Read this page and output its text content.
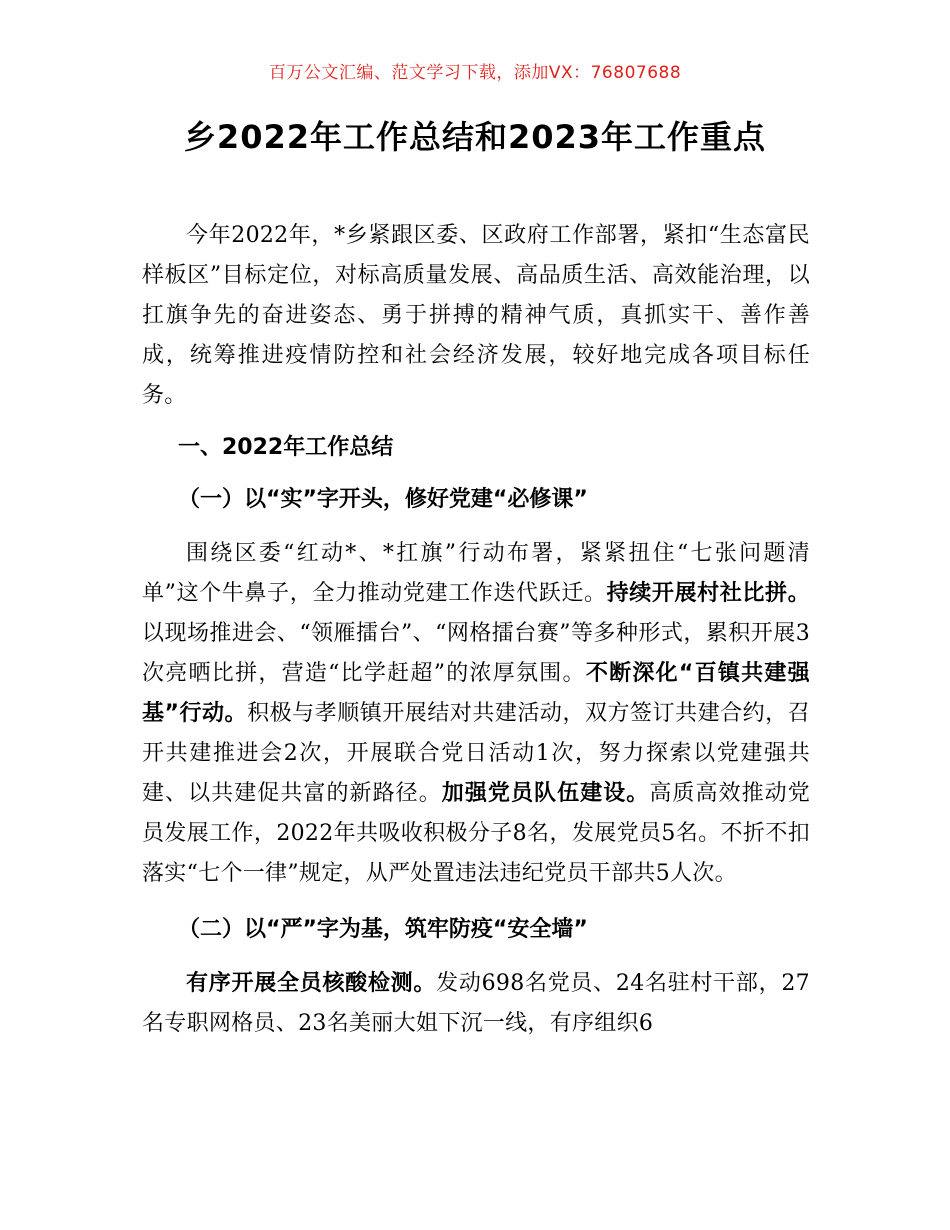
百万公文汇编、范文学习下载，添加VX：76807688
乡2022年工作总结和2023年工作重点

今年2022年，*乡紧跟区委、区政府工作部署，紧扣“生态富民样板区”目标定位，对标高质量发展、高品质生活、高效能治理，以扛旗争先的奋进姿态、勇于拼搏的精神气质，真抓实干、善作善成，统筹推进疫情防控和社会经济发展，较好地完成各项目标任务。

一、2022年工作总结

（一）以“实”字开头，修好党建“必修课”

围绕区委“红动*、*扛旗”行动布署，紧紧扭住“七张问题清单”这个牛鼻子，全力推动党建工作迭代跃迁。持续开展村社比拼。以现场推进会、“领雁擂台”、“网格擂台赛”等多种形式，累积开展3次亮晒比拼，营造“比学赶超”的浓厚氛围。不断深化“百镇共建强基”行动。积极与孝顺镇开展结对共建活动，双方签订共建合约，召开共建推进会2次，开展联合党日活动1次，努力探索以党建强共建、以共建促共富的新路径。加强党员队伍建设。高质高效推动党员发展工作，2022年共吸收积极分子8名，发展党员5名。不折不扣落实“七个一律”规定，从严处置违法违纪党员干部共5人次。

（二）以“严”字为基，筑牢防疫“安全墙”

有序开展全员核酸检测。发动698名党员、24名驻村干部，27名专职网格员、23名美丽大姐下沉一线，有序组织6
